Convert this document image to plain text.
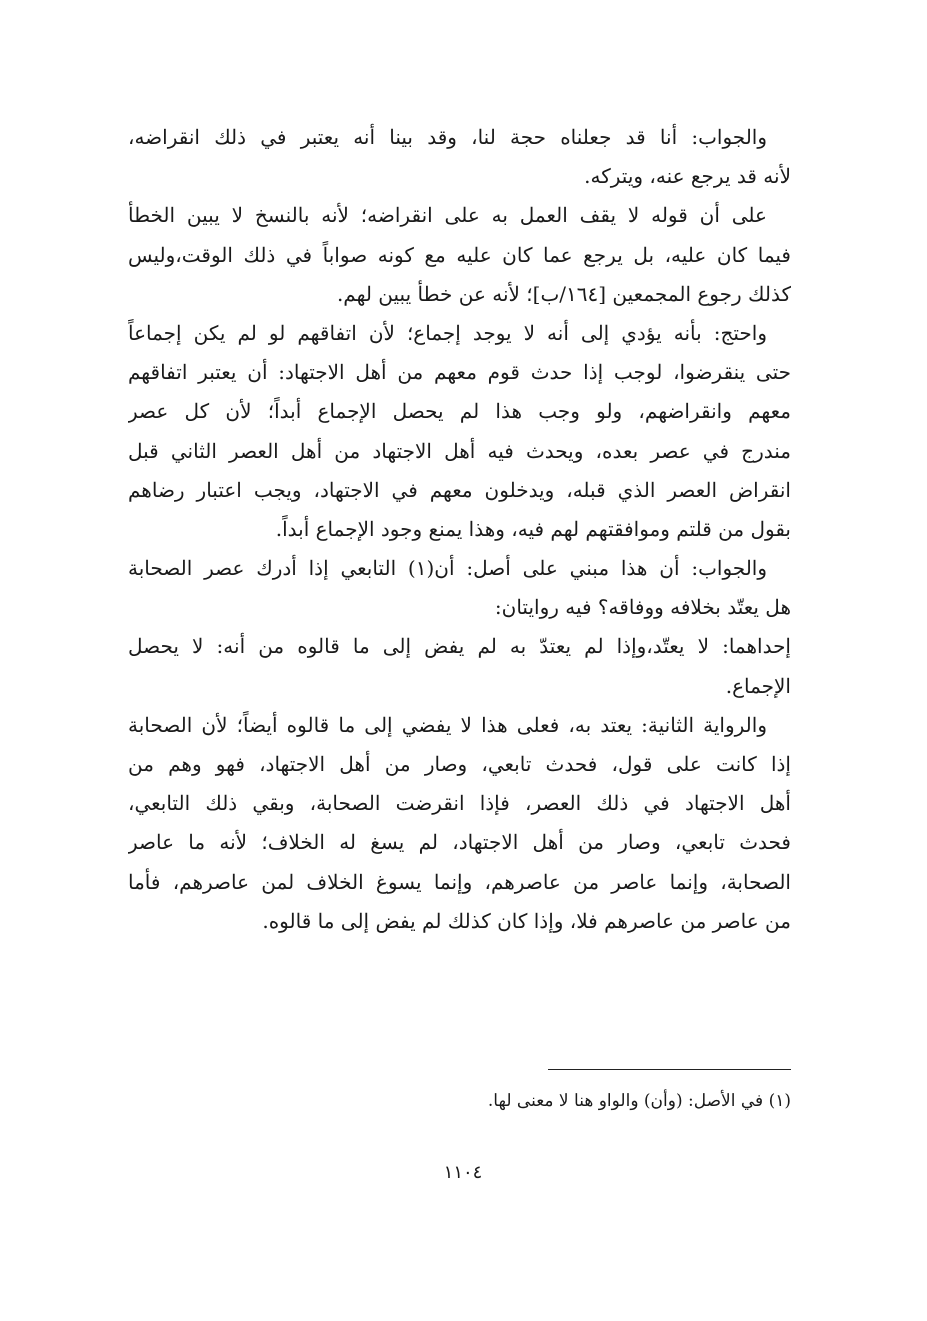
والجواب: أنا قد جعلناه حجة لنا، وقد بينا أنه يعتبر في ذلك انقراضه،
لأنه قد يرجع عنه، ويتركه.
على أن قوله لا يقف العمل به على انقراضه؛ لأنه بالنسخ لا يبين الخطأ
فيما كان عليه، بل يرجع عما كان عليه مع كونه صواباً في ذلك الوقت،وليس
كذلك رجوع المجمعين [١٦٤/ب]؛ لأنه عن خطأ يبين لهم.
واحتج: بأنه يؤدي إلى أنه لا يوجد إجماع؛ لأن اتفاقهم لو لم يكن إجماعاً
حتى ينقرضوا، لوجب إذا حدث قوم معهم من أهل الاجتهاد: أن يعتبر اتفاقهم
معهم وانقراضهم، ولو وجب هذا لم يحصل الإجماع أبداً؛ لأن كل عصر
مندرج في عصر بعده، ويحدث فيه أهل الاجتهاد من أهل العصر الثاني قبل
انقراض العصر الذي قبله، ويدخلون معهم في الاجتهاد، ويجب اعتبار رضاهم
بقول من قلتم وموافقتهم لهم فيه، وهذا يمنع وجود الإجماع أبداً.
والجواب: أن هذا مبني على أصل: أن(١) التابعي إذا أدرك عصر الصحابة
هل يعتّد بخلافه ووفاقه؟ فيه روايتان:
إحداهما: لا يعتّد،وإذا لم يعتدّ به لم يفض إلى ما قالوه من أنه: لا يحصل
الإجماع.
والرواية الثانية: يعتد به، فعلى هذا لا يفضي إلى ما قالوه أيضاً؛ لأن الصحابة
إذا كانت على قول، فحدث تابعي، وصار من أهل الاجتهاد، فهو وهم من
أهل الاجتهاد في ذلك العصر، فإذا انقرضت الصحابة، وبقي ذلك التابعي،
فحدث تابعي، وصار من أهل الاجتهاد، لم يسغ له الخلاف؛ لأنه ما عاصر
الصحابة، وإنما عاصر من عاصرهم، وإنما يسوغ الخلاف لمن عاصرهم، فأما
من عاصر من عاصرهم فلا، وإذا كان كذلك لم يفض إلى ما قالوه.
(١) في الأصل: (وأن) والواو هنا لا معنى لها.
١١٠٤
